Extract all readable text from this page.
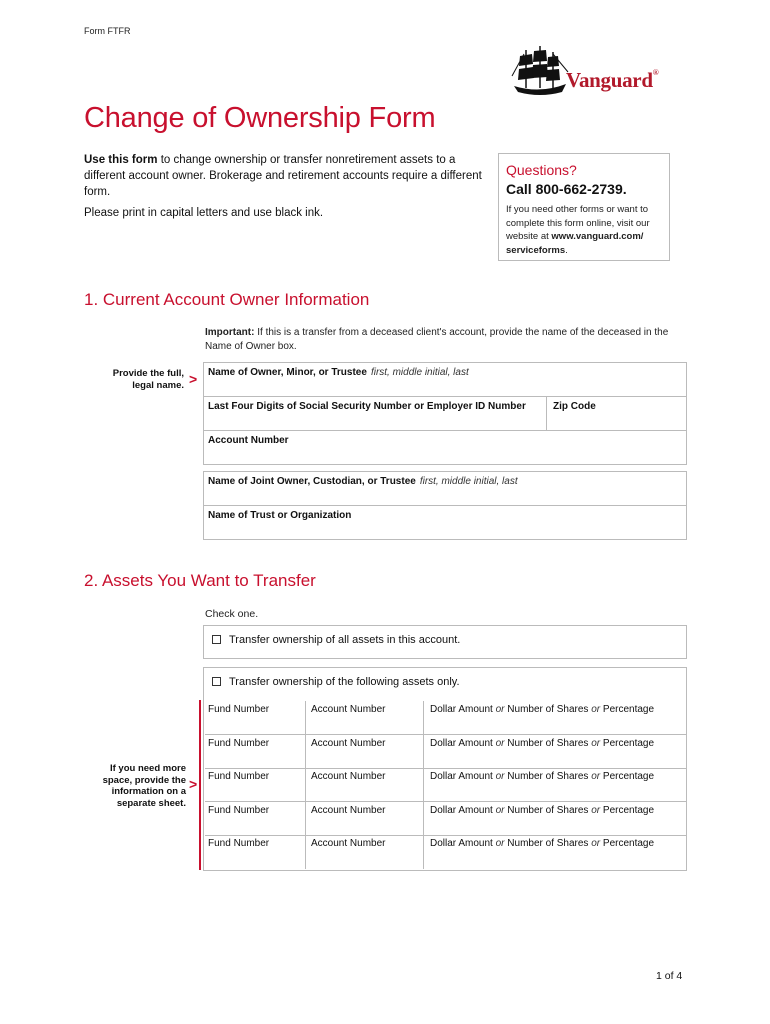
Form FTFR
Vanguard®
Change of Ownership Form
Use this form to change ownership or transfer nonretirement assets to a different account owner. Brokerage and retirement accounts require a different form.
Please print in capital letters and use black ink.
Questions?
Call 800-662-2739.
If you need other forms or want to complete this form online, visit our website at www.vanguard.com/ serviceforms.
1. Current Account Owner Information
Important: If this is a transfer from a deceased client's account, provide the name of the deceased in the Name of Owner box.
Provide the full, legal name. > Name of Owner, Minor, or Trustee first, middle initial, last
Last Four Digits of Social Security Number or Employer ID Number	Zip Code
Account Number
Name of Joint Owner, Custodian, or Trustee first, middle initial, last
Name of Trust or Organization
2. Assets You Want to Transfer
Check one.
Transfer ownership of all assets in this account.
Transfer ownership of the following assets only.
If you need more space, provide the information on a separate sheet.
>
Fund Number	Account Number	Dollar Amount or Number of Shares or Percentage
Fund Number	Account Number	Dollar Amount or Number of Shares or Percentage
Fund Number	Account Number	Dollar Amount or Number of Shares or Percentage
Fund Number	Account Number	Dollar Amount or Number of Shares or Percentage
Fund Number	Account Number	Dollar Amount or Number of Shares or Percentage
1 of 4
